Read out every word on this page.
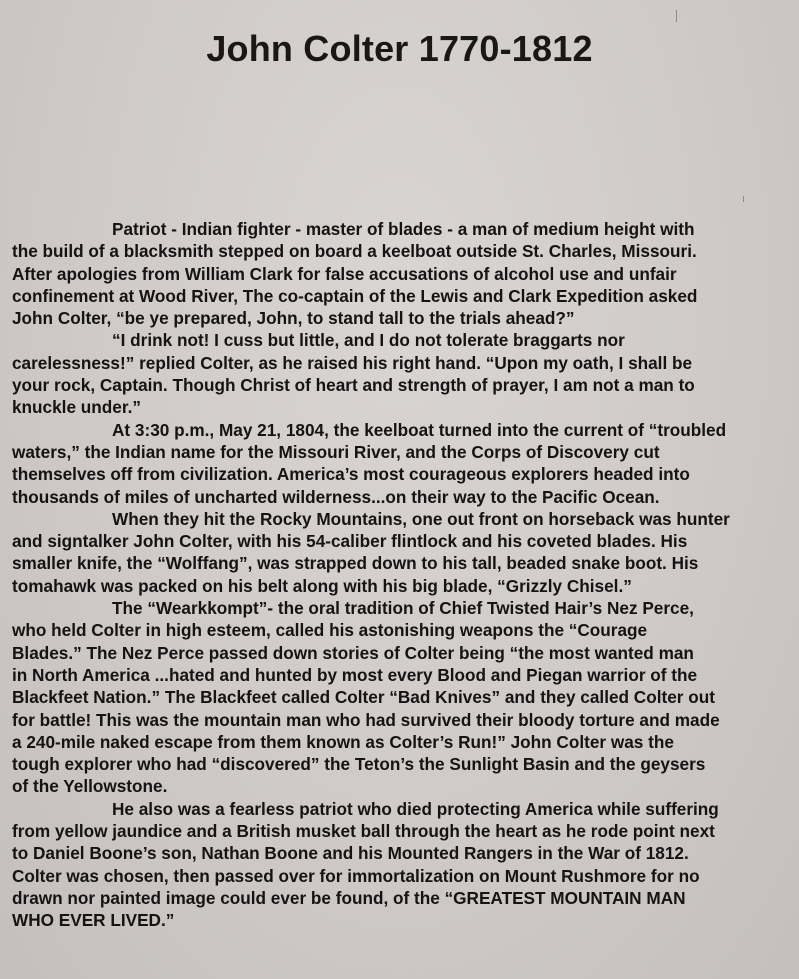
John Colter 1770-1812
Patriot - Indian fighter - master of blades - a man of medium height with
the build of a blacksmith stepped on board a keelboat outside St. Charles, Missouri.
After apologies from William Clark for false accusations of alcohol use and unfair
confinement at Wood River, The co-captain of the Lewis and Clark Expedition asked
John Colter, “be ye prepared, John, to stand tall to the trials ahead?”
“I drink not! I cuss but little, and I do not tolerate braggarts nor
carelessness!” replied Colter, as he raised his right hand. “Upon my oath, I shall be
your rock, Captain. Though Christ of heart and strength of prayer, I am not a man to
knuckle under.”
At 3:30 p.m., May 21, 1804, the keelboat turned into the current of “troubled
waters,” the Indian name for the Missouri River, and the Corps of Discovery cut
themselves off from civilization. America’s most courageous explorers headed into
thousands of miles of uncharted wilderness...on their way to the Pacific Ocean.
When they hit the Rocky Mountains, one out front on horseback was hunter
and signtalker John Colter, with his 54-caliber flintlock and his coveted blades. His
smaller knife, the “Wolffang”, was strapped down to his tall, beaded snake boot. His
tomahawk was packed on his belt along with his big blade, “Grizzly Chisel.”
The “Wearkkompt”- the oral tradition of Chief Twisted Hair’s Nez Perce,
who held Colter in high esteem, called his astonishing weapons the “Courage
Blades.” The Nez Perce passed down stories of Colter being “the most wanted man
in North America ...hated and hunted by most every Blood and Piegan warrior of the
Blackfeet Nation.” The Blackfeet called Colter “Bad Knives” and they called Colter out
for battle! This was the mountain man who had survived their bloody torture and made
a 240-mile naked escape from them known as Colter’s Run!” John Colter was the
tough explorer who had “discovered” the Teton’s the Sunlight Basin and the geysers
of the Yellowstone.
He also was a fearless patriot who died protecting America while suffering
from yellow jaundice and a British musket ball through the heart as he rode point next
to Daniel Boone’s son, Nathan Boone and his Mounted Rangers in the War of 1812.
Colter was chosen, then passed over for immortalization on Mount Rushmore for no
drawn nor painted image could ever be found, of the “GREATEST MOUNTAIN MAN
WHO EVER LIVED.”
